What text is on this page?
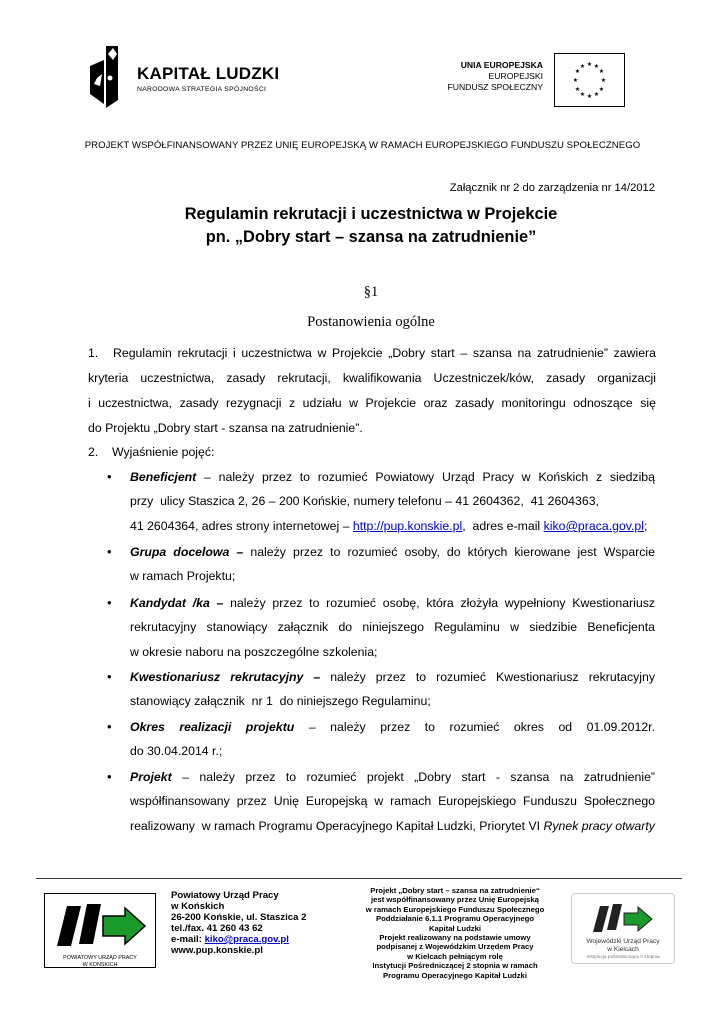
KAPITAŁ LUDZKI
NARODOWA STRATEGIA SPÓJNOŚCI
UNIA EUROPEJSKA
EUROPEJSKI
FUNDUSZ SPOŁECZNY
★ ★
★
★
★
★
★
★
★
★
★
★
PROJEKT WSPÓŁFINANSOWANY PRZEZ UNIĘ EUROPEJSKĄ W RAMACH EUROPEJSKIEGO FUNDUSZU SPOŁECZNEGO
Załącznik nr 2 do zarządzenia nr 14/2012
Regulamin rekrutacji i uczestnictwa w Projekcie
pn. „Dobry start – szansa na zatrudnienie”
§1
Postanowienia ogólne
1. Regulamin rekrutacji i uczestnictwa w Projekcie „Dobry start – szansa na zatrudnienie” zawiera
kryteria uczestnictwa, zasady rekrutacji, kwalifikowania Uczestniczek/ków, zasady organizacji
i uczestnictwa, zasady rezygnacji z udziału w Projekcie oraz zasady monitoringu odnoszące się
do Projektu „Dobry start - szansa na zatrudnienie”.
2. Wyjaśnienie pojęć:
• Beneficjent – należy przez to rozumieć Powiatowy Urząd Pracy w Końskich z siedzibą
przy  ulicy Staszica 2, 26 – 200 Końskie, numery telefonu – 41 2604362,  41 2604363,
41 2604364, adres strony internetowej – http://pup.konskie.pl,  adres e-mail kiko@praca.gov.pl;
• Grupa docelowa – należy przez to rozumieć osoby, do których kierowane jest Wsparcie
w ramach Projektu;
• Kandydat /ka – należy przez to rozumieć osobę, która złożyła wypełniony Kwestionariusz
rekrutacyjny stanowiący załącznik do niniejszego Regulaminu w siedzibie Beneficjenta
w okresie naboru na poszczególne szkolenia;
• Kwestionariusz rekrutacyjny – należy przez to rozumieć Kwestionariusz rekrutacyjny
stanowiący załącznik  nr 1  do niniejszego Regulaminu;
• Okres realizacji projektu – należy przez to rozumieć okres od 01.09.2012r.
do 30.04.2014 r.;
• Projekt – należy przez to rozumieć projekt „Dobry start - szansa na zatrudnienie”
współfinansowany przez Unię Europejską w ramach Europejskiego Funduszu Społecznego
realizowany  w ramach Programu Operacyjnego Kapitał Ludzki, Priorytet VI Rynek pracy otwarty
POWIATOWY URZĄD PRACY
W KOŃSKICH
Powiatowy Urząd Pracy
w Końskich
26-200 Końskie, ul. Staszica 2
tel./fax. 41 260 43 62
e-mail: kiko@praca.gov.pl
www.pup.konskie.pl
Projekt „Dobry start – szansa na zatrudnienie“
jest współfinansowany przez Unię Europejską
w ramach Europejskiego Funduszu Społecznego
Poddziałanie 6.1.1 Programu Operacyjnego
Kapitał Ludzki
Projekt realizowany na podstawie umowy
podpisanej z Wojewódzkim Urzędem Pracy
w Kielcach pełniącym rolę
Instytucji Pośredniczącej 2 stopnia w ramach
Programu Operacyjnego Kapitał Ludzki
Wojewódzki Urząd Pracy
w Kielcach
Instytucja pośrednicząca II stopnia
